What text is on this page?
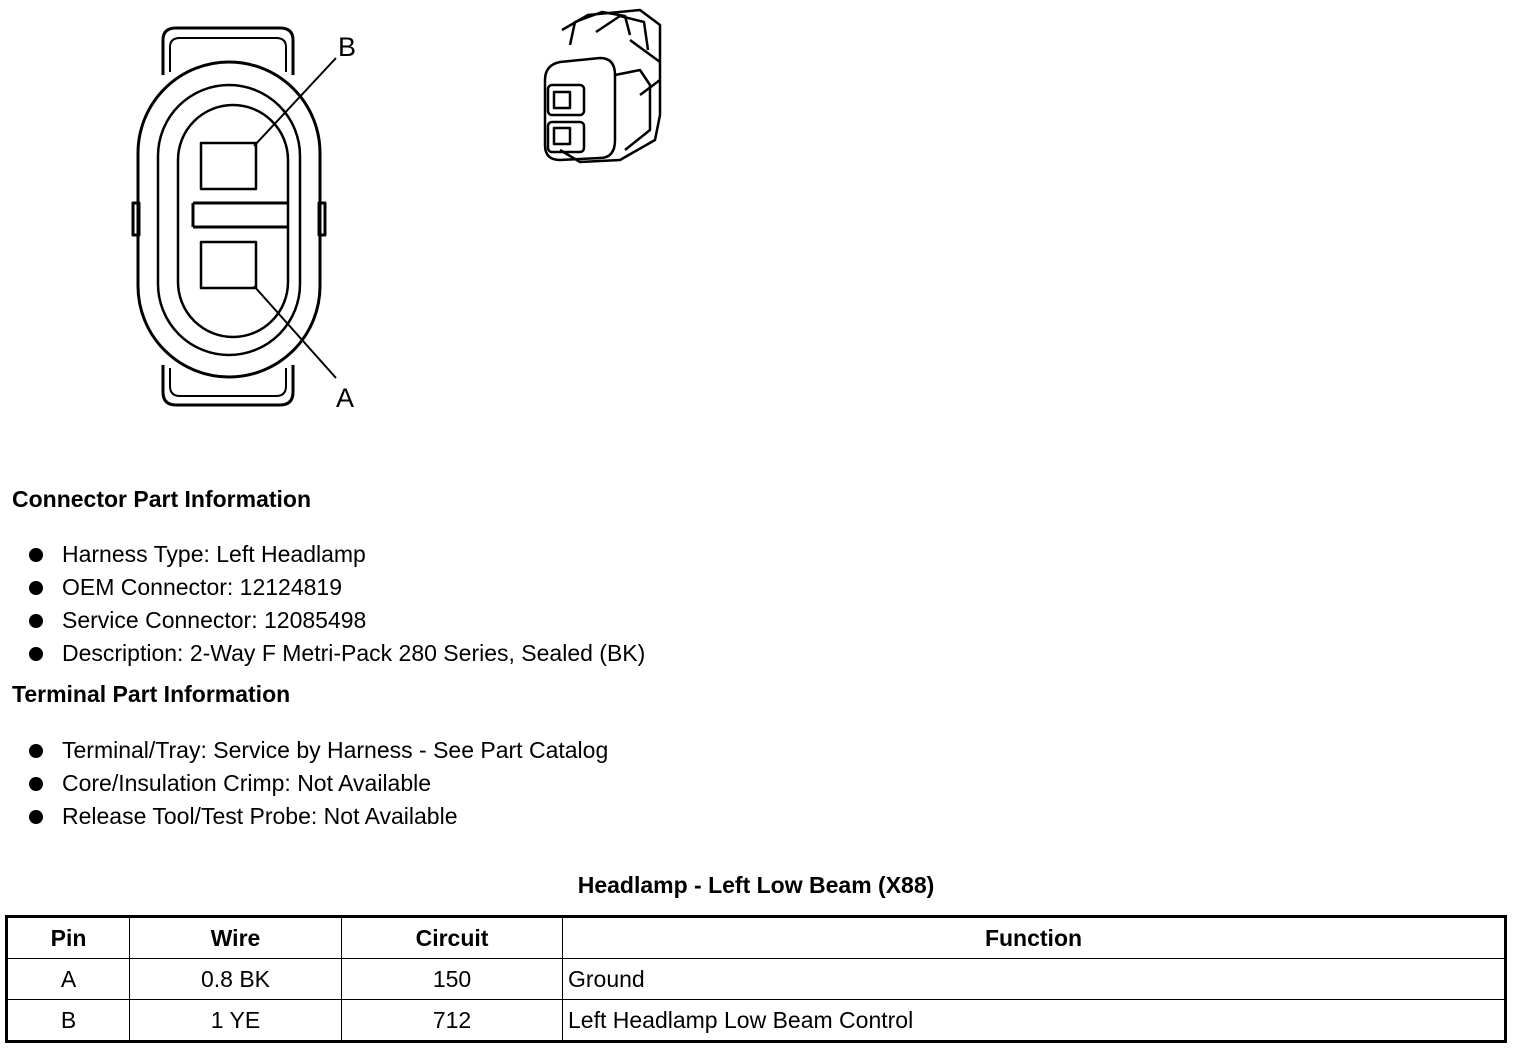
B
A
Connector Part Information
Harness Type: Left Headlamp
OEM Connector: 12124819
Service Connector: 12085498
Description: 2-Way F Metri-Pack 280 Series, Sealed (BK)
Terminal Part Information
Terminal/Tray: Service by Harness - See Part Catalog
Core/Insulation Crimp: Not Available
Release Tool/Test Probe: Not Available
Headlamp - Left Low Beam (X88)
Pin	Wire	Circuit	Function
A	0.8 BK	150	Ground
B	1 YE	712	Left Headlamp Low Beam Control
